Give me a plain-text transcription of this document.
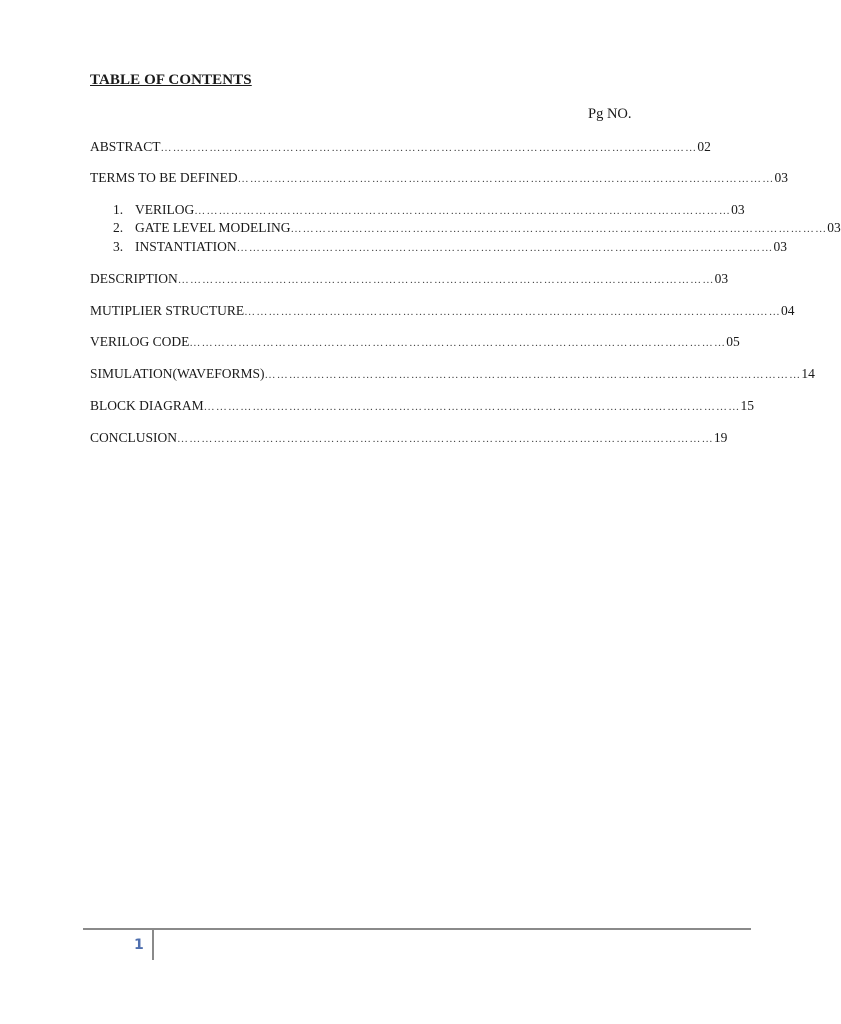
TABLE OF CONTENTS
Pg NO.
ABSTRACT …………………………………………………………………………………………………………………… 02
TERMS TO BE DEFINED …………………………………………………………………………………………………………………… 03
1. VERILOG …………………………………………………………………………………………………………………… 03
2. GATE LEVEL MODELING …………………………………………………………………………………………………………………… 03
3. INSTANTIATION …………………………………………………………………………………………………………………… 03
DESCRIPTION …………………………………………………………………………………………………………………… 03
MUTIPLIER STRUCTURE …………………………………………………………………………………………………………………… 04
VERILOG CODE …………………………………………………………………………………………………………………… 05
SIMULATION(WAVEFORMS) …………………………………………………………………………………………………………………… 14
BLOCK DIAGRAM …………………………………………………………………………………………………………………… 15
CONCLUSION …………………………………………………………………………………………………………………… 19
1
